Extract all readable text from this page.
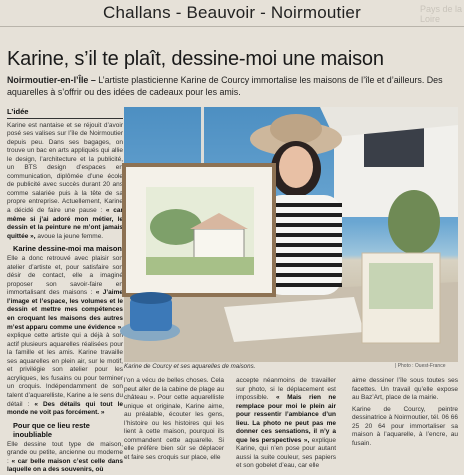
Challans - Beauvoir - Noirmoutier	Pays de la Loire
Karine, s’il te plaît, dessine-moi une maison
Noirmoutier-en-l’Île – L’artiste plasticienne Karine de Courcy immortalise les maisons de l’île et d’ailleurs. Des aquarelles à s’offrir ou des idées de cadeaux pour les amis.
L’idée

Karine est nantaise et se réjouit d’avoir posé ses valises sur l’île de Noirmoutier depuis peu. Dans ses bagages, on trouve un bac en arts appliqués qui allie le design, l’architecture et la publicité, un BTS design d’espaces en communication, diplômée d’une école de publicité avec succès durant 20 ans comme salariée puis à la tête de sa propre entreprise. Actuellement, Karine a décidé de faire une pause : « car même si j’ai adoré mon métier, le dessin et la peinture ne m’ont jamais quittée », avoue la jeune femme.

Karine dessine-moi ma maison

Elle a donc retrouvé avec plaisir son atelier d’artiste et, pour satisfaire son désir de contact, elle a imaginé proposer son savoir-faire en immortalisant des maisons : « J’aime l’image et l’espace, les volumes et le dessin et mettre mes compétences en croquant les maisons des autres m’est apparu comme une évidence », explique cette artiste qui a déjà à son actif plusieurs aquarelles réalisées pour la famille et les amis. Karine travaille ses aquarelles en plein air, sur le motif, et privilégie son atelier pour les acryliques, les fusains ou pour terminer un croquis. Indépendamment de son talent d’aquarelliste, Karine a le sens du détail : « Des détails qui tout le monde ne voit pas forcément. »

Pour que ce lieu reste inoubliable

Elle dessine tout type de maison, grande ou petite, ancienne ou moderne : « car belle maison c’est celle dans laquelle on a des souvenirs, où

Karine de Courcy et ses aquarelles de maisons.	| Photo : Ouest-France

l’on a vécu de belles choses. Cela peut aller de la cabine de plage au château ». Pour cette aquarelliste unique et originale, Karine aime, au préalable, écouter les gens, l’histoire ou les histoires qui les lient à cette maison, pourquoi ils commandent cette aquarelle. Si elle préfère bien sûr se déplacer et faire ses croquis sur place, elle

accepte néanmoins de travailler sur photo, si le déplacement est impossible. « Mais rien ne remplace pour moi le plein air pour ressentir l’ambiance d’un lieu. La photo ne peut pas me donner ces sensations, il n’y a que les perspectives », explique Karine, qui n’en pose pour autant aussi la suite couleur, ses papiers et son gobelet d’eau, car elle

aime dessiner l’île sous toutes ses facettes. Un travail qu’elle expose au Baz’Art, place de la mairie.

Karine de Courcy, peintre dessinatrice à Noirmoutier, tél. 06 66 25 20 64 pour immortaliser sa maison à l’aquarelle, à l’encre, au fusain.
